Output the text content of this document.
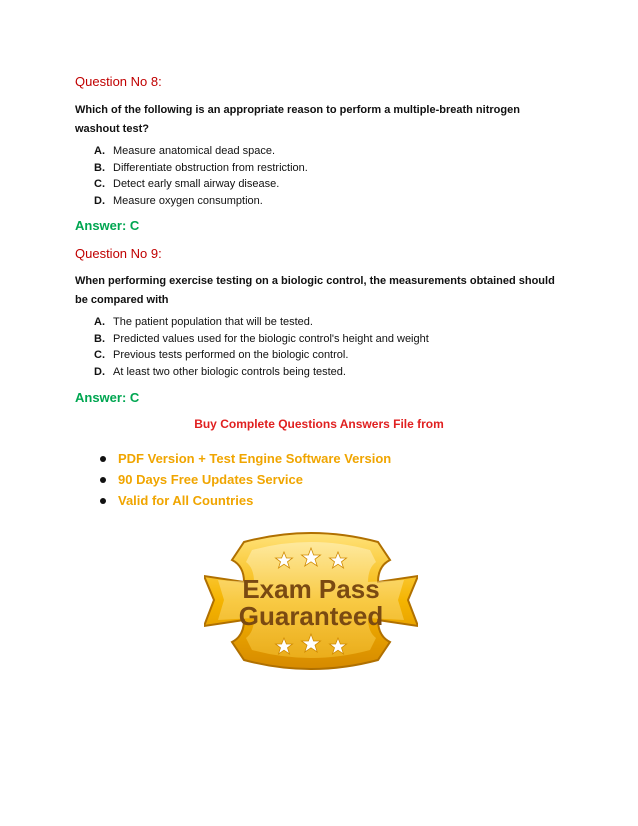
Question No 8:
Which of the following is an appropriate reason to perform a multiple-breath nitrogen washout test?
A. Measure anatomical dead space.
B. Differentiate obstruction from restriction.
C. Detect early small airway disease.
D. Measure oxygen consumption.
Answer: C
Question No 9:
When performing exercise testing on a biologic control, the measurements obtained should be compared with
A. The patient population that will be tested.
B. Predicted values used for the biologic control's height and weight
C. Previous tests performed on the biologic control.
D. At least two other biologic controls being tested.
Answer: C
Buy Complete Questions Answers File from
PDF Version + Test Engine Software Version
90 Days Free Updates Service
Valid for All Countries
Exam Pass
Guaranteed
